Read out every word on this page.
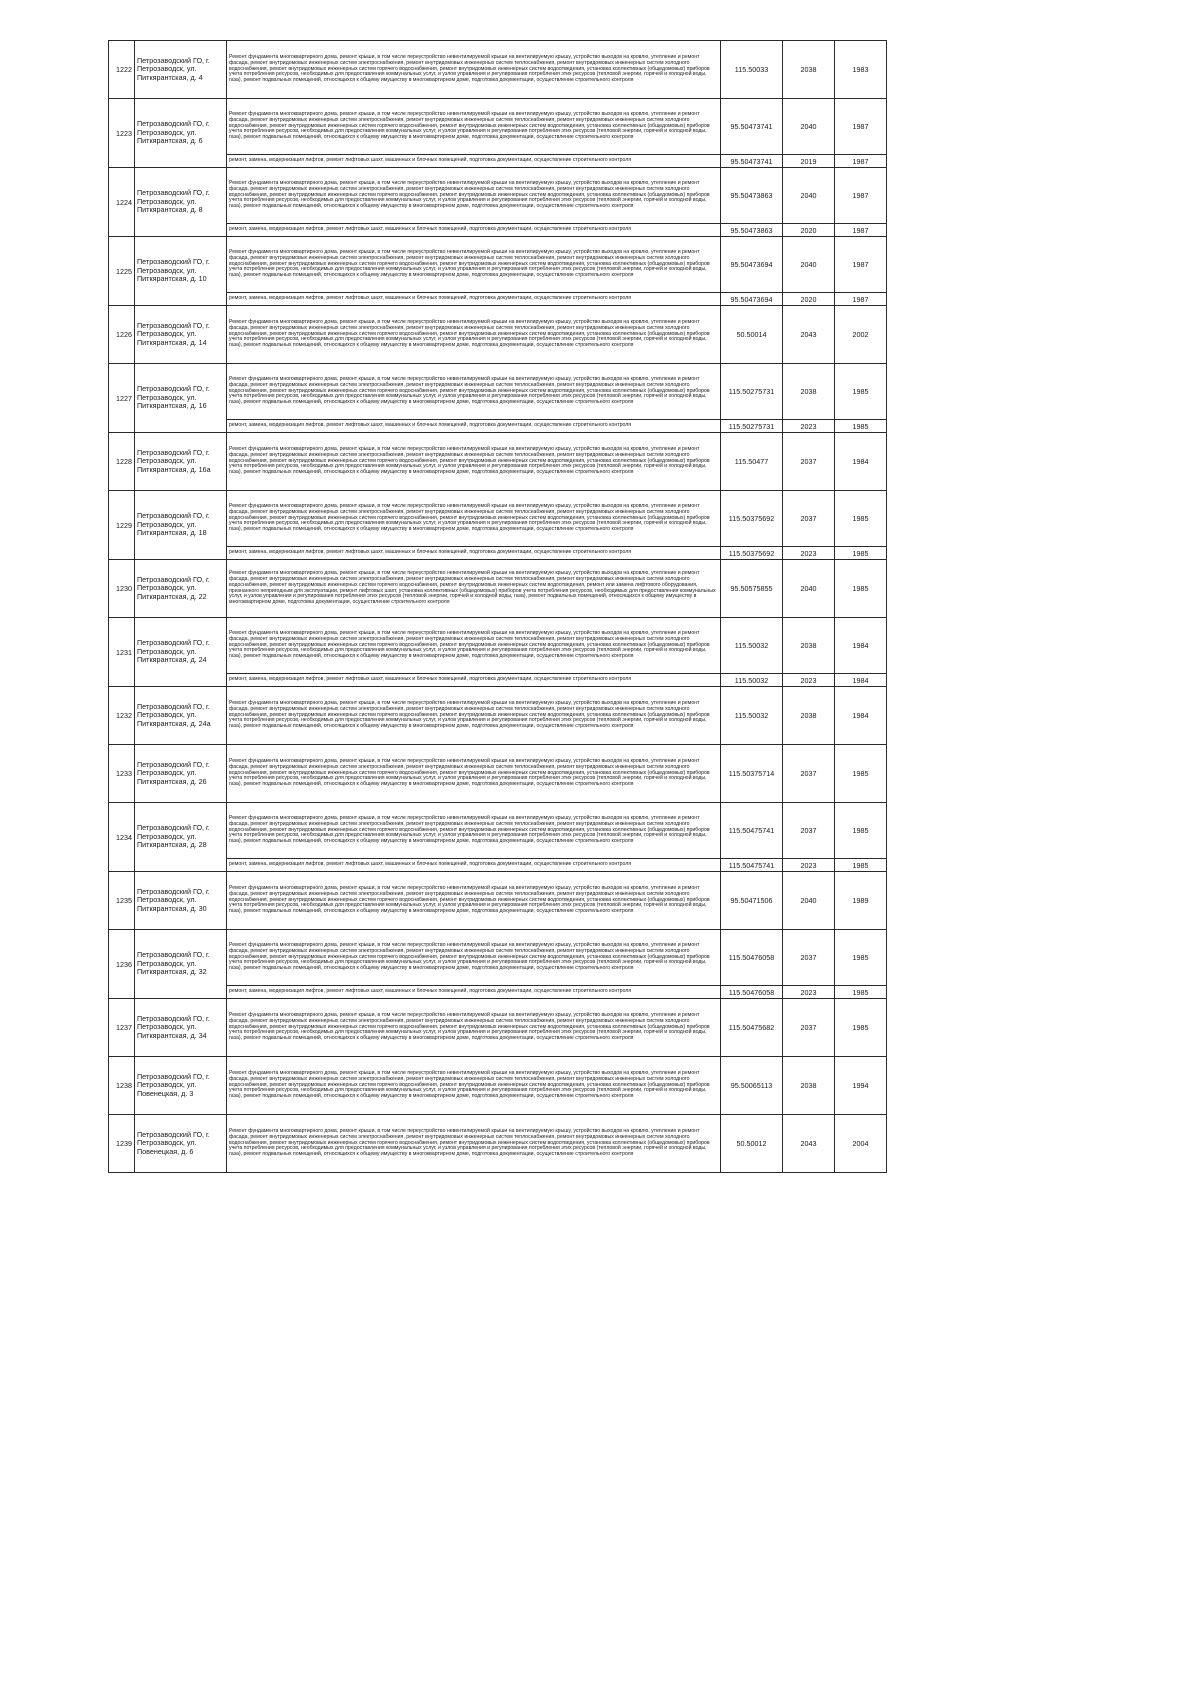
1222	Петрозаводский ГО, г. Петрозаводск, ул. Питкярантская, д. 4	Ремонт фундамента многоквартирного дома, ремонт крыши, в том числе переустройство невентилируемой крыши на вентилируемую крышу, устройство выходов на кровлю, утепление и ремонт фасада, ремонт внутридомовых инженерных систем электроснабжения, ремонт внутридомовых инженерных систем теплоснабжения, ремонт внутридомовых инженерных систем холодного водоснабжения, ремонт внутридомовых инженерных систем горячего водоснабжения, ремонт внутридомовых инженерных систем водоотведения, установка коллективных (общедомовых) приборов учета потребления ресурсов, необходимых для предоставления коммунальных услуг, и узлов управления и регулирования потребления этих ресурсов (тепловой энергии, горячей и холодной воды, газа), ремонт подвальных помещений, относящихся к общему имуществу в многоквартирном доме, подготовка документации, осуществление строительного контроля	115.50033	2038	1983
1223	Петрозаводский ГО, г. Петрозаводск, ул. Питкярантская, д. 6	Ремонт фундамента многоквартирного дома, ремонт крыши, в том числе переустройство невентилируемой крыши на вентилируемую крышу, устройство выходов на кровлю, утепление и ремонт фасада, ремонт внутридомовых инженерных систем электроснабжения, ремонт внутридомовых инженерных систем теплоснабжения, ремонт внутридомовых инженерных систем холодного водоснабжения, ремонт внутридомовых инженерных систем горячего водоснабжения, ремонт внутридомовых инженерных систем водоотведения, установка коллективных (общедомовых) приборов учета потребления ресурсов, необходимых для предоставления коммунальных услуг, и узлов управления и регулирования потребления этих ресурсов (тепловой энергии, горячей и холодной воды, газа), ремонт подвальных помещений, относящихся к общему имуществу в многоквартирном доме, подготовка документации, осуществление строительного контроля	95.50473741	2040	1987
		ремонт, замена, модернизация лифтов, ремонт лифтовых шахт, машинных и блочных помещений, подготовка документации, осуществление строительного контроля	95.50473741	2019	1987
1224	Петрозаводский ГО, г. Петрозаводск, ул. Питкярантская, д. 8	Ремонт фундамента многоквартирного дома, ремонт крыши, в том числе переустройство невентилируемой крыши на вентилируемую крышу, устройство выходов на кровлю, утепление и ремонт фасада, ремонт внутридомовых инженерных систем электроснабжения, ремонт внутридомовых инженерных систем теплоснабжения, ремонт внутридомовых инженерных систем холодного водоснабжения, ремонт внутридомовых инженерных систем горячего водоснабжения, ремонт внутридомовых инженерных систем водоотведения, установка коллективных (общедомовых) приборов учета потребления ресурсов, необходимых для предоставления коммунальных услуг, и узлов управления и регулирования потребления этих ресурсов (тепловой энергии, горячей и холодной воды, газа), ремонт подвальных помещений, относящихся к общему имуществу в многоквартирном доме, подготовка документации, осуществление строительного контроля	95.50473863	2040	1987
		ремонт, замена, модернизация лифтов, ремонт лифтовых шахт, машинных и блочных помещений, подготовка документации, осуществление строительного контроля	95.50473863	2020	1987
1225	Петрозаводский ГО, г. Петрозаводск, ул. Питкярантская, д. 10	Ремонт фундамента многоквартирного дома, ремонт крыши, в том числе переустройство невентилируемой крыши на вентилируемую крышу, устройство выходов на кровлю, утепление и ремонт фасада, ремонт внутридомовых инженерных систем электроснабжения, ремонт внутридомовых инженерных систем теплоснабжения, ремонт внутридомовых инженерных систем холодного водоснабжения, ремонт внутридомовых инженерных систем горячего водоснабжения, ремонт внутридомовых инженерных систем водоотведения, установка коллективных (общедомовых) приборов учета потребления ресурсов, необходимых для предоставления коммунальных услуг, и узлов управления и регулирования потребления этих ресурсов (тепловой энергии, горячей и холодной воды, газа), ремонт подвальных помещений, относящихся к общему имуществу в многоквартирном доме, подготовка документации, осуществление строительного контроля	95.50473694	2040	1987
		ремонт, замена, модернизация лифтов, ремонт лифтовых шахт, машинных и блочных помещений, подготовка документации, осуществление строительного контроля	95.50473694	2020	1987
1226	Петрозаводский ГО, г. Петрозаводск, ул. Питкярантская, д. 14	Ремонт фундамента многоквартирного дома, ремонт крыши, в том числе переустройство невентилируемой крыши на вентилируемую крышу, устройство выходов на кровлю, утепление и ремонт фасада, ремонт внутридомовых инженерных систем электроснабжения, ремонт внутридомовых инженерных систем теплоснабжения, ремонт внутридомовых инженерных систем холодного водоснабжения, ремонт внутридомовых инженерных систем горячего водоснабжения, ремонт внутридомовых инженерных систем водоотведения, установка коллективных (общедомовых) приборов учета потребления ресурсов, необходимых для предоставления коммунальных услуг, и узлов управления и регулирования потребления этих ресурсов (тепловой энергии, горячей и холодной воды, газа), ремонт подвальных помещений, относящихся к общему имуществу в многоквартирном доме, подготовка документации, осуществление строительного контроля	50.50014	2043	2002
1227	Петрозаводский ГО, г. Петрозаводск, ул. Питкярантская, д. 16	Ремонт фундамента многоквартирного дома, ремонт крыши, в том числе переустройство невентилируемой крыши на вентилируемую крышу, устройство выходов на кровлю, утепление и ремонт фасада, ремонт внутридомовых инженерных систем электроснабжения, ремонт внутридомовых инженерных систем теплоснабжения, ремонт внутридомовых инженерных систем холодного водоснабжения, ремонт внутридомовых инженерных систем горячего водоснабжения, ремонт внутридомовых инженерных систем водоотведения, установка коллективных (общедомовых) приборов учета потребления ресурсов, необходимых для предоставления коммунальных услуг, и узлов управления и регулирования потребления этих ресурсов (тепловой энергии, горячей и холодной воды, газа), ремонт подвальных помещений, относящихся к общему имуществу в многоквартирном доме, подготовка документации, осуществление строительного контроля	115.50275731	2038	1985
		ремонт, замена, модернизация лифтов, ремонт лифтовых шахт, машинных и блочных помещений, подготовка документации, осуществление строительного контроля	115.50275731	2023	1985
1228	Петрозаводский ГО, г. Петрозаводск, ул. Питкярантская, д. 16а	Ремонт фундамента многоквартирного дома, ремонт крыши, в том числе переустройство невентилируемой крыши на вентилируемую крышу, устройство выходов на кровлю, утепление и ремонт фасада, ремонт внутридомовых инженерных систем электроснабжения, ремонт внутридомовых инженерных систем теплоснабжения, ремонт внутридомовых инженерных систем холодного водоснабжения, ремонт внутридомовых инженерных систем горячего водоснабжения, ремонт внутридомовых инженерных систем водоотведения, установка коллективных (общедомовых) приборов учета потребления ресурсов, необходимых для предоставления коммунальных услуг, и узлов управления и регулирования потребления этих ресурсов (тепловой энергии, горячей и холодной воды, газа), ремонт подвальных помещений, относящихся к общему имуществу в многоквартирном доме, подготовка документации, осуществление строительного контроля	115.50477	2037	1984
1229	Петрозаводский ГО, г. Петрозаводск, ул. Питкярантская, д. 18	Ремонт фундамента многоквартирного дома, ремонт крыши, в том числе переустройство невентилируемой крыши на вентилируемую крышу, устройство выходов на кровлю, утепление и ремонт фасада, ремонт внутридомовых инженерных систем электроснабжения, ремонт внутридомовых инженерных систем теплоснабжения, ремонт внутридомовых инженерных систем холодного водоснабжения, ремонт внутридомовых инженерных систем горячего водоснабжения, ремонт внутридомовых инженерных систем водоотведения, установка коллективных (общедомовых) приборов учета потребления ресурсов, необходимых для предоставления коммунальных услуг, и узлов управления и регулирования потребления этих ресурсов (тепловой энергии, горячей и холодной воды, газа), ремонт подвальных помещений, относящихся к общему имуществу в многоквартирном доме, подготовка документации, осуществление строительного контроля	115.50375692	2037	1985
		ремонт, замена, модернизация лифтов, ремонт лифтовых шахт, машинных и блочных помещений, подготовка документации, осуществление строительного контроля	115.50375692	2023	1985
1230	Петрозаводский ГО, г. Петрозаводск, ул. Питкярантская, д. 22	Ремонт фундамента многоквартирного дома, ремонт крыши, в том числе переустройство невентилируемой крыши на вентилируемую крышу, устройство выходов на кровлю, утепление и ремонт фасада, ремонт внутридомовых инженерных систем электроснабжения, ремонт внутридомовых инженерных систем теплоснабжения, ремонт внутридомовых инженерных систем холодного водоснабжения, ремонт внутридомовых инженерных систем горячего водоснабжения, ремонт внутридомовых инженерных систем водоотведения, ремонт или замена лифтового оборудования, признанного непригодным для эксплуатации, ремонт лифтовых шахт, установка коллективных (общедомовых) приборов учета потребления ресурсов, необходимых для предоставления коммунальных услуг, и узлов управления и регулирования потребления этих ресурсов (тепловой энергии, горячей и холодной воды, газа), ремонт подвальных помещений, относящихся к общему имуществу в многоквартирном доме, подготовка документации, осуществление строительного контроля	95.50575855	2040	1985
1231	Петрозаводский ГО, г. Петрозаводск, ул. Питкярантская, д. 24	Ремонт фундамента многоквартирного дома, ремонт крыши, в том числе переустройство невентилируемой крыши на вентилируемую крышу, устройство выходов на кровлю, утепление и ремонт фасада, ремонт внутридомовых инженерных систем электроснабжения, ремонт внутридомовых инженерных систем теплоснабжения, ремонт внутридомовых инженерных систем холодного водоснабжения, ремонт внутридомовых инженерных систем горячего водоснабжения, ремонт внутридомовых инженерных систем водоотведения, установка коллективных (общедомовых) приборов учета потребления ресурсов, необходимых для предоставления коммунальных услуг, и узлов управления и регулирования потребления этих ресурсов (тепловой энергии, горячей и холодной воды, газа), ремонт подвальных помещений, относящихся к общему имуществу в многоквартирном доме, подготовка документации, осуществление строительного контроля	115.50032	2038	1984
		ремонт, замена, модернизация лифтов, ремонт лифтовых шахт, машинных и блочных помещений, подготовка документации, осуществление строительного контроля	115.50032	2023	1984
1232	Петрозаводский ГО, г. Петрозаводск, ул. Питкярантская, д. 24а	Ремонт фундамента многоквартирного дома, ремонт крыши, в том числе переустройство невентилируемой крыши на вентилируемую крышу, устройство выходов на кровлю, утепление и ремонт фасада, ремонт внутридомовых инженерных систем электроснабжения, ремонт внутридомовых инженерных систем теплоснабжения, ремонт внутридомовых инженерных систем холодного водоснабжения, ремонт внутридомовых инженерных систем горячего водоснабжения, ремонт внутридомовых инженерных систем водоотведения, установка коллективных (общедомовых) приборов учета потребления ресурсов, необходимых для предоставления коммунальных услуг, и узлов управления и регулирования потребления этих ресурсов (тепловой энергии, горячей и холодной воды, газа), ремонт подвальных помещений, относящихся к общему имуществу в многоквартирном доме, подготовка документации, осуществление строительного контроля	115.50032	2038	1984
1233	Петрозаводский ГО, г. Петрозаводск, ул. Питкярантская, д. 26	Ремонт фундамента многоквартирного дома, ремонт крыши, в том числе переустройство невентилируемой крыши на вентилируемую крышу, устройство выходов на кровлю, утепление и ремонт фасада, ремонт внутридомовых инженерных систем электроснабжения, ремонт внутридомовых инженерных систем теплоснабжения, ремонт внутридомовых инженерных систем холодного водоснабжения, ремонт внутридомовых инженерных систем горячего водоснабжения, ремонт внутридомовых инженерных систем водоотведения, установка коллективных (общедомовых) приборов учета потребления ресурсов, необходимых для предоставления коммунальных услуг, и узлов управления и регулирования потребления этих ресурсов (тепловой энергии, горячей и холодной воды, газа), ремонт подвальных помещений, относящихся к общему имуществу в многоквартирном доме, подготовка документации, осуществление строительного контроля	115.50375714	2037	1985
1234	Петрозаводский ГО, г. Петрозаводск, ул. Питкярантская, д. 28	Ремонт фундамента многоквартирного дома, ремонт крыши, в том числе переустройство невентилируемой крыши на вентилируемую крышу, устройство выходов на кровлю, утепление и ремонт фасада, ремонт внутридомовых инженерных систем электроснабжения, ремонт внутридомовых инженерных систем теплоснабжения, ремонт внутридомовых инженерных систем холодного водоснабжения, ремонт внутридомовых инженерных систем горячего водоснабжения, ремонт внутридомовых инженерных систем водоотведения, установка коллективных (общедомовых) приборов учета потребления ресурсов, необходимых для предоставления коммунальных услуг, и узлов управления и регулирования потребления этих ресурсов (тепловой энергии, горячей и холодной воды, газа), ремонт подвальных помещений, относящихся к общему имуществу в многоквартирном доме, подготовка документации, осуществление строительного контроля	115.50475741	2037	1985
		ремонт, замена, модернизация лифтов, ремонт лифтовых шахт, машинных и блочных помещений, подготовка документации, осуществление строительного контроля	115.50475741	2023	1985
1235	Петрозаводский ГО, г. Петрозаводск, ул. Питкярантская, д. 30	Ремонт фундамента многоквартирного дома, ремонт крыши, в том числе переустройство невентилируемой крыши на вентилируемую крышу, устройство выходов на кровлю, утепление и ремонт фасада, ремонт внутридомовых инженерных систем электроснабжения, ремонт внутридомовых инженерных систем теплоснабжения, ремонт внутридомовых инженерных систем холодного водоснабжения, ремонт внутридомовых инженерных систем горячего водоснабжения, ремонт внутридомовых инженерных систем водоотведения, установка коллективных (общедомовых) приборов учета потребления ресурсов, необходимых для предоставления коммунальных услуг, и узлов управления и регулирования потребления этих ресурсов (тепловой энергии, горячей и холодной воды, газа), ремонт подвальных помещений, относящихся к общему имуществу в многоквартирном доме, подготовка документации, осуществление строительного контроля	95.50471506	2040	1989
1236	Петрозаводский ГО, г. Петрозаводск, ул. Питкярантская, д. 32	Ремонт фундамента многоквартирного дома, ремонт крыши, в том числе переустройство невентилируемой крыши на вентилируемую крышу, устройство выходов на кровлю, утепление и ремонт фасада, ремонт внутридомовых инженерных систем электроснабжения, ремонт внутридомовых инженерных систем теплоснабжения, ремонт внутридомовых инженерных систем холодного водоснабжения, ремонт внутридомовых инженерных систем горячего водоснабжения, ремонт внутридомовых инженерных систем водоотведения, установка коллективных (общедомовых) приборов учета потребления ресурсов, необходимых для предоставления коммунальных услуг, и узлов управления и регулирования потребления этих ресурсов (тепловой энергии, горячей и холодной воды, газа), ремонт подвальных помещений, относящихся к общему имуществу в многоквартирном доме, подготовка документации, осуществление строительного контроля	115.50476058	2037	1985
		ремонт, замена, модернизация лифтов, ремонт лифтовых шахт, машинных и блочных помещений, подготовка документации, осуществление строительного контроля	115.50476058	2023	1985
1237	Петрозаводский ГО, г. Петрозаводск, ул. Питкярантская, д. 34	Ремонт фундамента многоквартирного дома, ремонт крыши, в том числе переустройство невентилируемой крыши на вентилируемую крышу, устройство выходов на кровлю, утепление и ремонт фасада, ремонт внутридомовых инженерных систем электроснабжения, ремонт внутридомовых инженерных систем теплоснабжения, ремонт внутридомовых инженерных систем холодного водоснабжения, ремонт внутридомовых инженерных систем горячего водоснабжения, ремонт внутридомовых инженерных систем водоотведения, установка коллективных (общедомовых) приборов учета потребления ресурсов, необходимых для предоставления коммунальных услуг, и узлов управления и регулирования потребления этих ресурсов (тепловой энергии, горячей и холодной воды, газа), ремонт подвальных помещений, относящихся к общему имуществу в многоквартирном доме, подготовка документации, осуществление строительного контроля	115.50475682	2037	1985
1238	Петрозаводский ГО, г. Петрозаводск, ул. Повенецкая, д. 3	Ремонт фундамента многоквартирного дома, ремонт крыши, в том числе переустройство невентилируемой крыши на вентилируемую крышу, устройство выходов на кровлю, утепление и ремонт фасада, ремонт внутридомовых инженерных систем электроснабжения, ремонт внутридомовых инженерных систем теплоснабжения, ремонт внутридомовых инженерных систем холодного водоснабжения, ремонт внутридомовых инженерных систем горячего водоснабжения, ремонт внутридомовых инженерных систем водоотведения, установка коллективных (общедомовых) приборов учета потребления ресурсов, необходимых для предоставления коммунальных услуг, и узлов управления и регулирования потребления этих ресурсов (тепловой энергии, горячей и холодной воды, газа), ремонт подвальных помещений, относящихся к общему имуществу в многоквартирном доме, подготовка документации, осуществление строительного контроля	95.50065113	2038	1994
1239	Петрозаводский ГО, г. Петрозаводск, ул. Повенецкая, д. 6	Ремонт фундамента многоквартирного дома, ремонт крыши, в том числе переустройство невентилируемой крыши на вентилируемую крышу, устройство выходов на кровлю, утепление и ремонт фасада, ремонт внутридомовых инженерных систем электроснабжения, ремонт внутридомовых инженерных систем теплоснабжения, ремонт внутридомовых инженерных систем холодного водоснабжения, ремонт внутридомовых инженерных систем горячего водоснабжения, ремонт внутридомовых инженерных систем водоотведения, установка коллективных (общедомовых) приборов учета потребления ресурсов, необходимых для предоставления коммунальных услуг, и узлов управления и регулирования потребления этих ресурсов (тепловой энергии, горячей и холодной воды, газа), ремонт подвальных помещений, относящихся к общему имуществу в многоквартирном доме, подготовка документации, осуществление строительного контроля	50.50012	2043	2004
